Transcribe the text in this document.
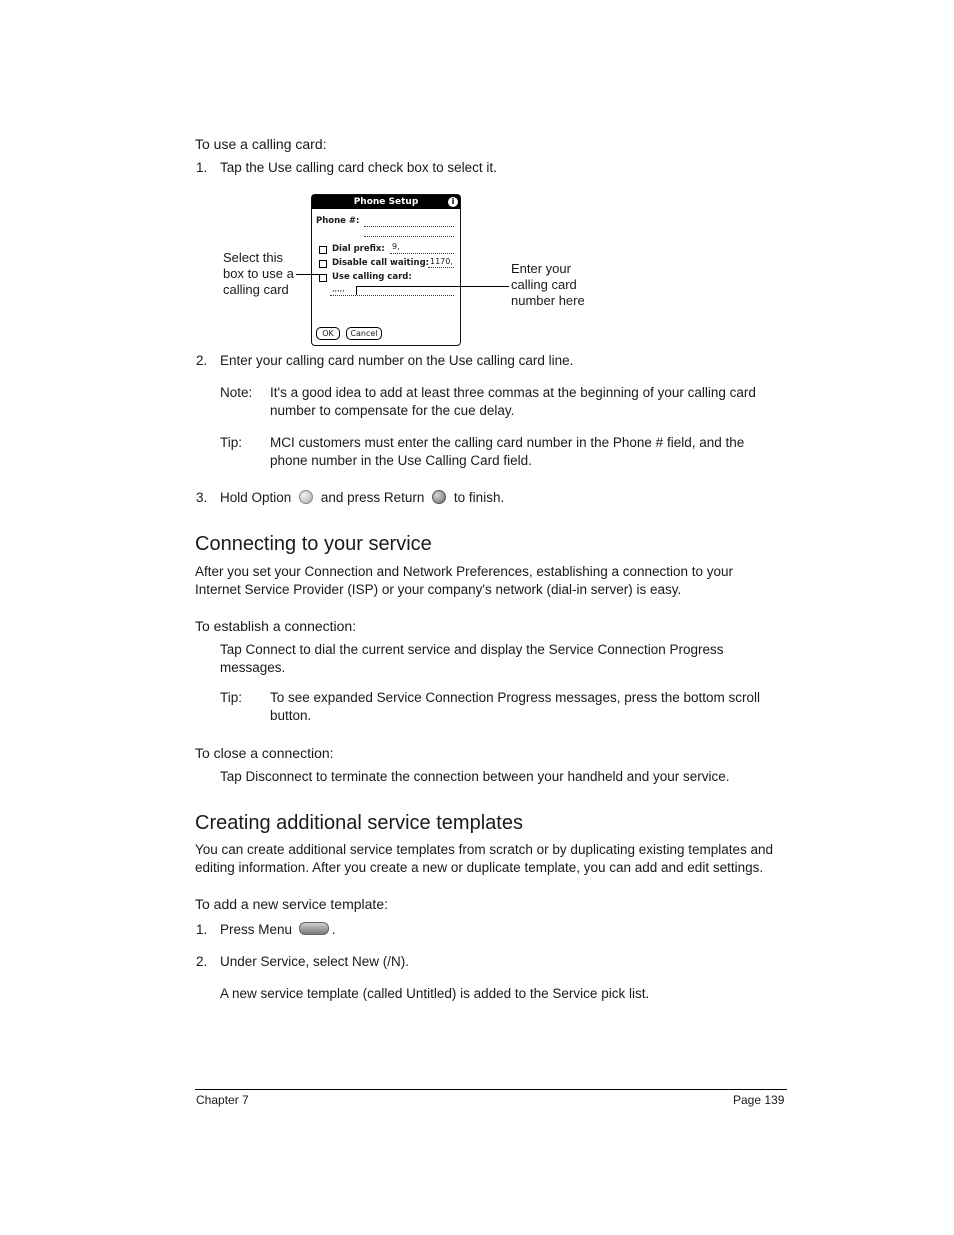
To use a calling card:
1. Tap the Use calling card check box to select it.
Phone Setup	i
Phone #:
Dial prefix: 9,
Disable call waiting: 1170,
Use calling card:
,,,,,
OK	Cancel
Select this
box to use a
calling card
Enter your
calling card
number here
2. Enter your calling card number on the Use calling card line.
Note: It's a good idea to add at least three commas at the beginning of your calling card
number to compensate for the cue delay.
Tip: MCI customers must enter the calling card number in the Phone # field, and the
phone number in the Use Calling Card field.
3. Hold Option and press Return to finish.
Connecting to your service
After you set your Connection and Network Preferences, establishing a connection to your
Internet Service Provider (ISP) or your company's network (dial-in server) is easy.
To establish a connection:
Tap Connect to dial the current service and display the Service Connection Progress
messages.
Tip: To see expanded Service Connection Progress messages, press the bottom scroll
button.
To close a connection:
Tap Disconnect to terminate the connection between your handheld and your service.
Creating additional service templates
You can create additional service templates from scratch or by duplicating existing templates and
editing information. After you create a new or duplicate template, you can add and edit settings.
To add a new service template:
1. Press Menu	.
2. Under Service, select New (/N).
A new service template (called Untitled) is added to the Service pick list.
Chapter 7	Page 139
